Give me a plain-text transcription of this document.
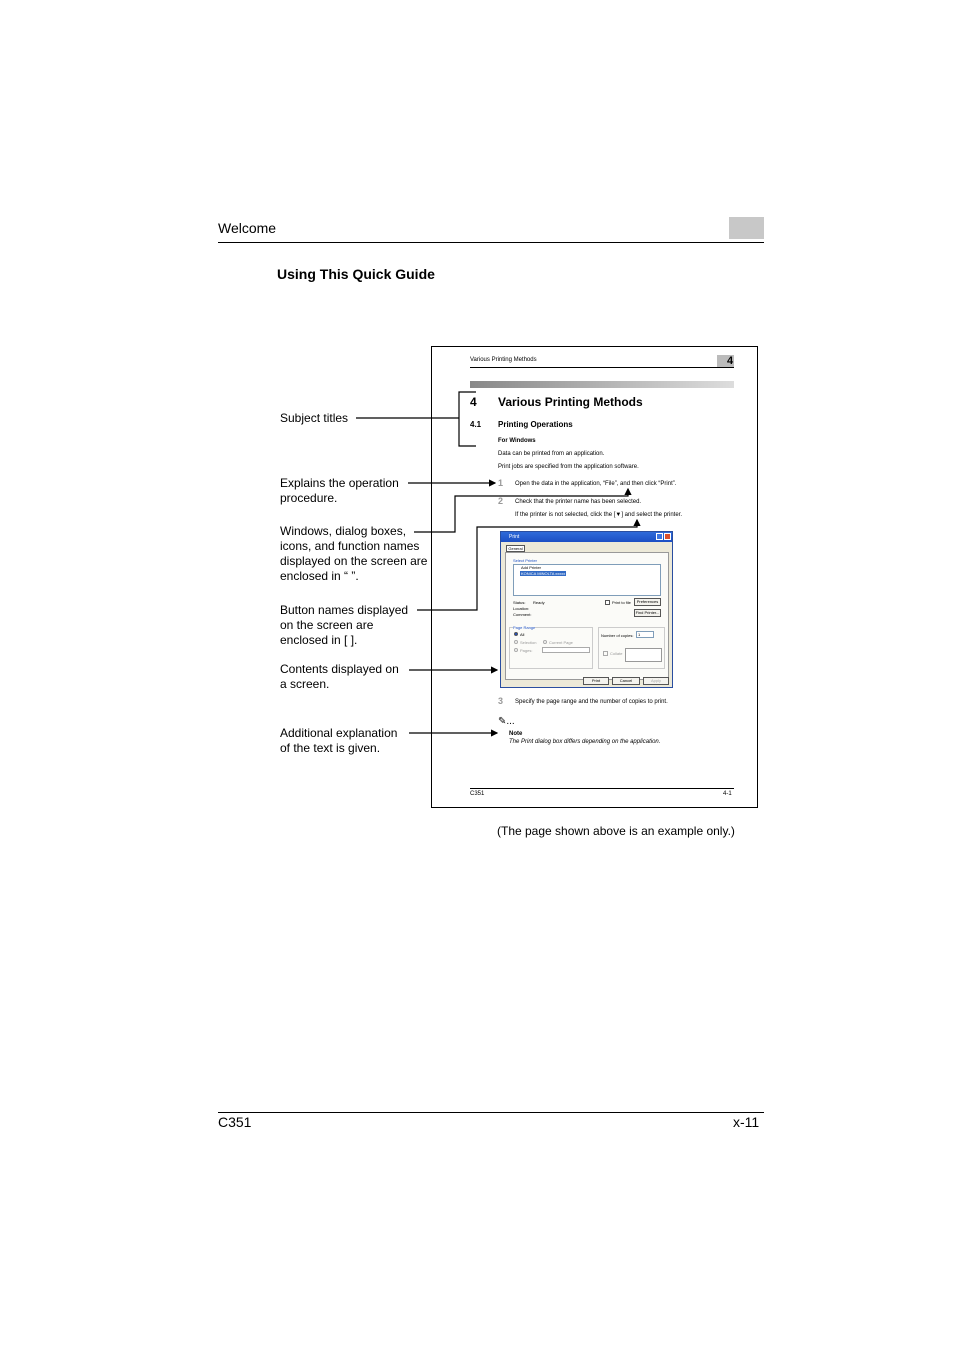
Welcome
Using This Quick Guide
Subject titles
Explains the operation procedure.
Windows, dialog boxes, icons, and function names displayed on the screen are enclosed in “ ”.
Button names displayed on the screen are enclosed in [ ].
Contents displayed on a screen.
Additional explanation of the text is given.
Various Printing Methods	4
4 Various Printing Methods
4.1 Printing Operations
For Windows
Data can be printed from an application.
Print jobs are specified from the application software.
1 Open the data in the application, “File”, and then click “Print”.
2 Check that the printer name has been selected.
If the printer is not selected, click the [▼] and select the printer.
Print
General
Select Printer
Add Printer
KONICA MINOLTA xxxxx
Status: Ready
Location:
Comment:
Print to file	Preferences
Find Printer...
Page Range
All
Selection	Current Page
Pages:
Number of copies:	1
Collate
Print	Cancel	Apply
3 Specify the page range and the number of copies to print.
✎...
Note
The Print dialog box differs depending on the application.
C351	4-1
(The page shown above is an example only.)
C351	x-11
